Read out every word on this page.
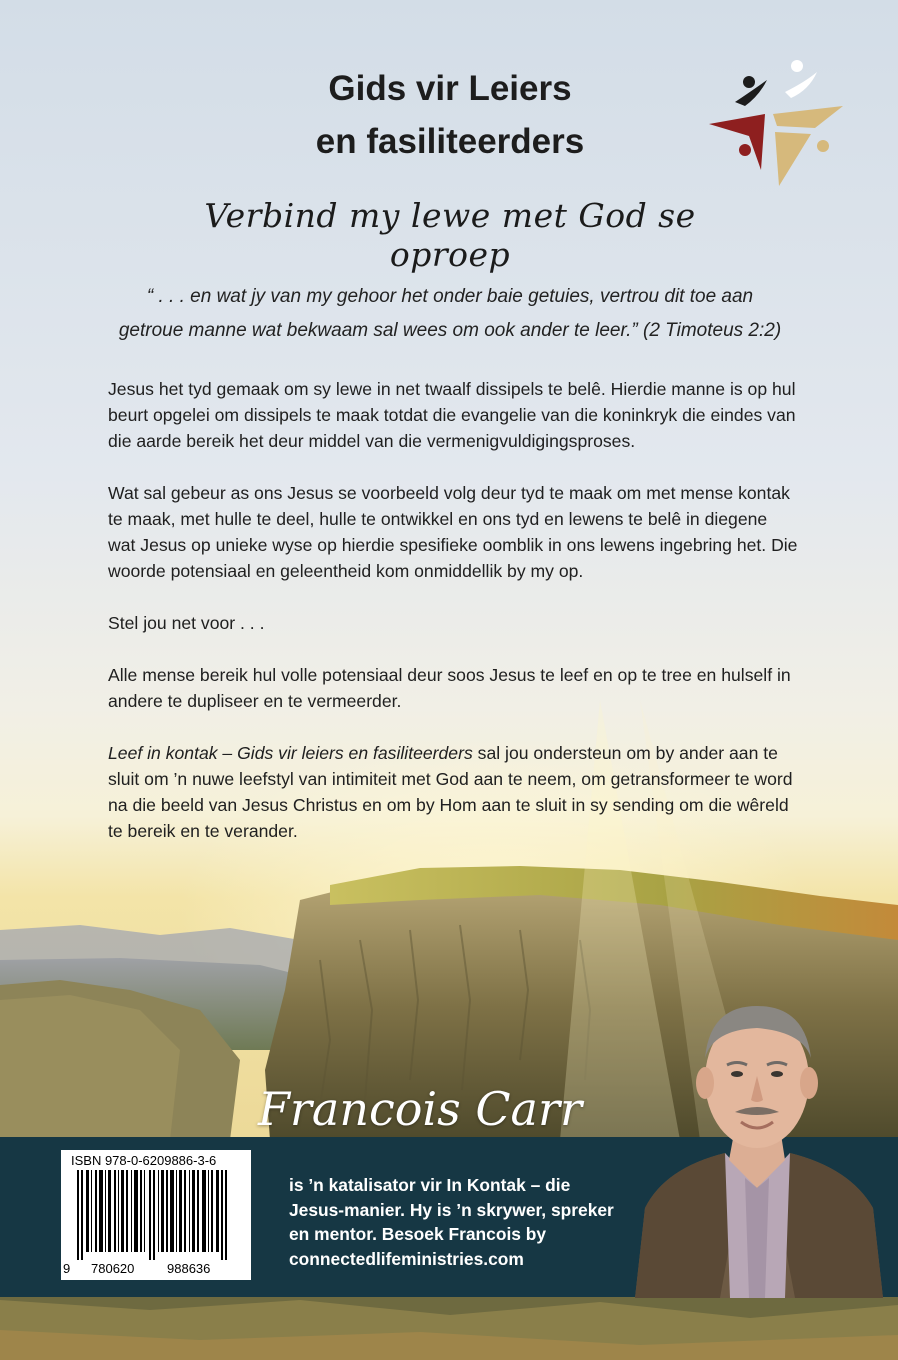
Gids vir Leiers
en fasiliteerders
Verbind my lewe met God se oproep
“ . . . en wat jy van my gehoor het onder baie getuies, vertrou dit toe aan
getroue manne wat bekwaam sal wees om ook ander te leer.” (2 Timoteus 2:2)

Jesus het tyd gemaak om sy lewe in net twaalf dissipels te belê. Hierdie manne is op hul beurt opgelei om dissipels te maak totdat die evangelie van die koninkryk die eindes van die aarde bereik het deur middel van die vermenigvuldigingsproses.

Wat sal gebeur as ons Jesus se voorbeeld volg deur tyd te maak om met mense kontak te maak, met hulle te deel, hulle te ontwikkel en ons tyd en lewens te belê in diegene wat Jesus op unieke wyse op hierdie spesifieke oomblik in ons lewens ingebring het. Die woorde potensiaal en geleentheid kom onmiddellik by my op.

Stel jou net voor . . .

Alle mense bereik hul volle potensiaal deur soos Jesus te leef en op te tree en hulself in andere te dupliseer en te vermeerder.

Leef in kontak – Gids vir leiers en fasiliteerders sal jou ondersteun om by ander aan te sluit om ’n nuwe leefstyl van intimiteit met God aan te neem, om getransformeer te word na die beeld van Jesus Christus en om by Hom aan te sluit in sy sending om die wêreld te bereik en te verander.

Francois Carr
ISBN 978-0-6209886-3-6
9 780620	988636
is ’n katalisator vir In Kontak – die
Jesus-manier. Hy is ’n skrywer, spreker
en mentor. Besoek Francois by
connectedlifeministries.com
